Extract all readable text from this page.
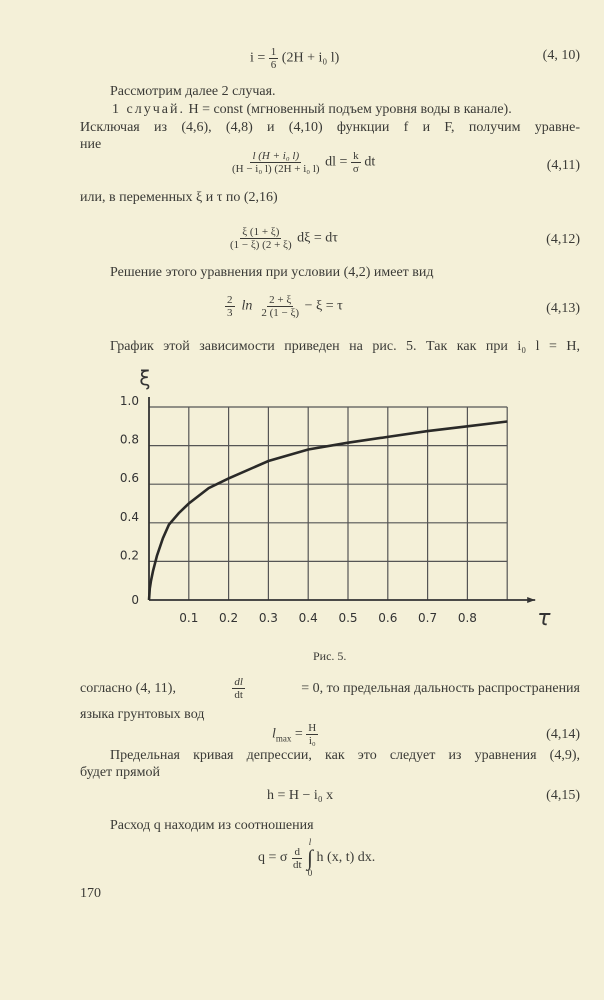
$i = \frac{1}{6} (2H + i_0$ l)	(4, 10)
Рассмотрим далее 2 случая.
1 случай. H = const (мгновенный подъем уровня воды в канале).
Исключая из (4,6), (4,8) и (4,10) функции f и F, получим уравне-
ние
$\frac{\text{l (H + i₀ l)}}{\text{(H − i₀ l) (2H + i₀ l)}}$ dl = $\frac{k}{\sigma}$ dt	(4,11)
или, в переменных ξ и τ по (2,16)
$\frac{\xi (1 + \xi)}{(1 - \xi) (2 + \xi)}$ dξ = dτ	(4,12)
Решение этого уравнения при условии (4,2) имеет вид
$\frac{2}{3}$ $\ln \frac{2 + \xi}{2 (1 - \xi)} - \xi = \tau$	(4,13)
График этой зависимости приведен на рис. 5. Так как при i₀ l = H,
0.1 0.2 0.3 0.4 0.5 0.6 0.7 0.8
0
0.2
0.4
0.6
0.8
1.0
τ
ξ
Рис. 5.
согласно (4, 11),	$\frac{dl}{dt}$	= 0, то предельная дальность распространения
языка грунтовых вод
$l_{max} = \frac{H}{\text{i₀}}$	(4,14)
Предельная кривая депрессии, как это следует из уравнения (4,9),
будет прямой
h = H − i₀ x	(4,15)
Расход q находим из соотношения
q = σ
$\frac{d}{dt}$

l
∫
0

h (x, t) dx.
170
